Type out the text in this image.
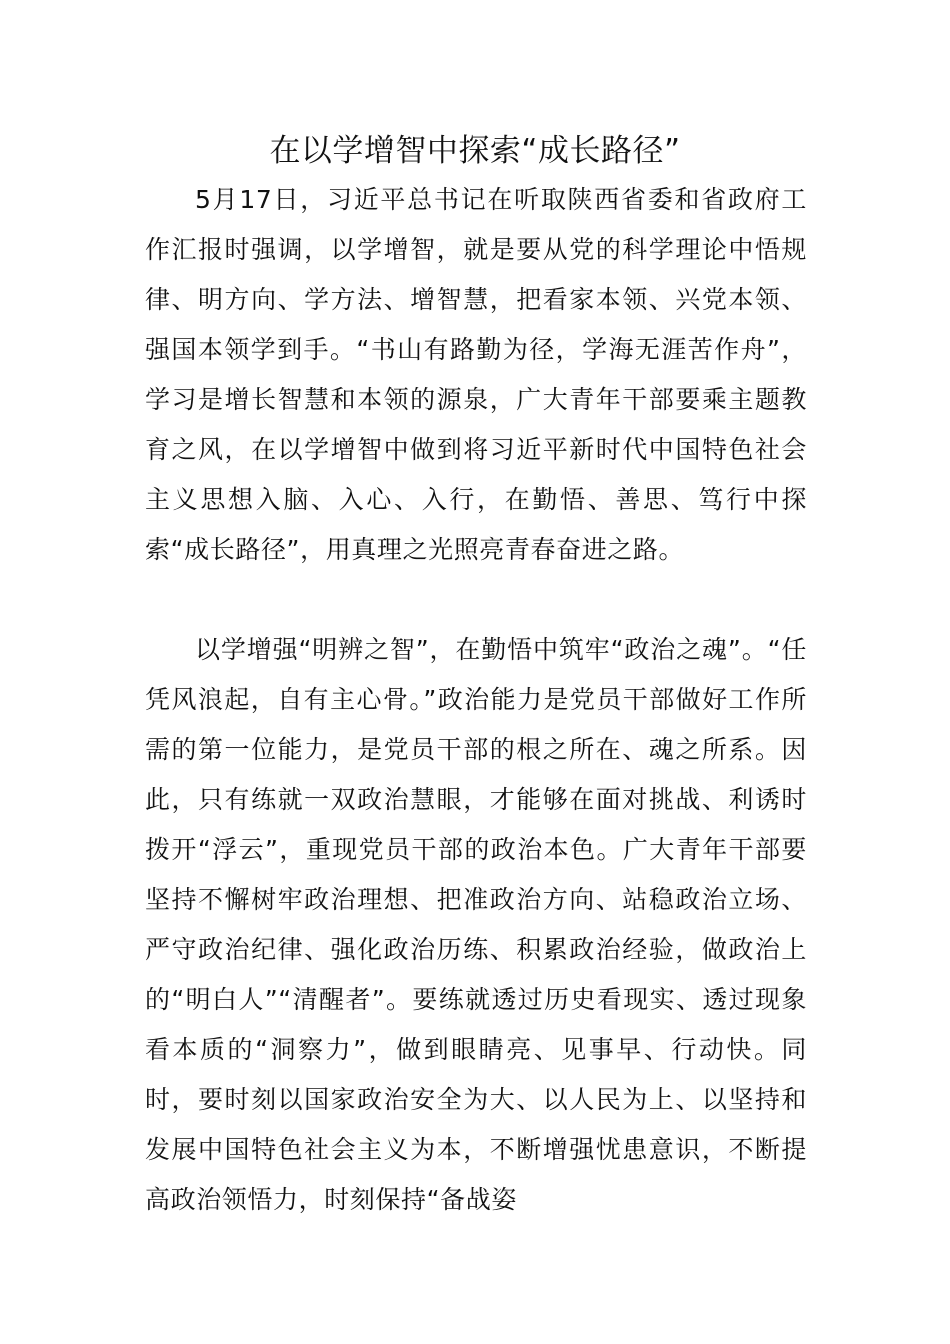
在以学增智中探索“成长路径”

5月17日，习近平总书记在听取陕西省委和省政府工作汇报时强调，以学增智，就是要从党的科学理论中悟规律、明方向、学方法、增智慧，把看家本领、兴党本领、强国本领学到手。“书山有路勤为径，学海无涯苦作舟”，学习是增长智慧和本领的源泉，广大青年干部要乘主题教育之风，在以学增智中做到将习近平新时代中国特色社会主义思想入脑、入心、入行，在勤悟、善思、笃行中探索“成长路径”，用真理之光照亮青春奋进之路。

以学增强“明辨之智”，在勤悟中筑牢“政治之魂”。“任凭风浪起，自有主心骨。”政治能力是党员干部做好工作所需的第一位能力，是党员干部的根之所在、魂之所系。因此，只有练就一双政治慧眼，才能够在面对挑战、利诱时拨开“浮云”，重现党员干部的政治本色。广大青年干部要坚持不懈树牢政治理想、把准政治方向、站稳政治立场、严守政治纪律、强化政治历练、积累政治经验，做政治上的“明白人”“清醒者”。要练就透过历史看现实、透过现象看本质的“洞察力”，做到眼睛亮、见事早、行动快。同时，要时刻以国家政治安全为大、以人民为上、以坚持和发展中国特色社会主义为本，不断增强忧患意识，不断提高政治领悟力，时刻保持“备战姿
